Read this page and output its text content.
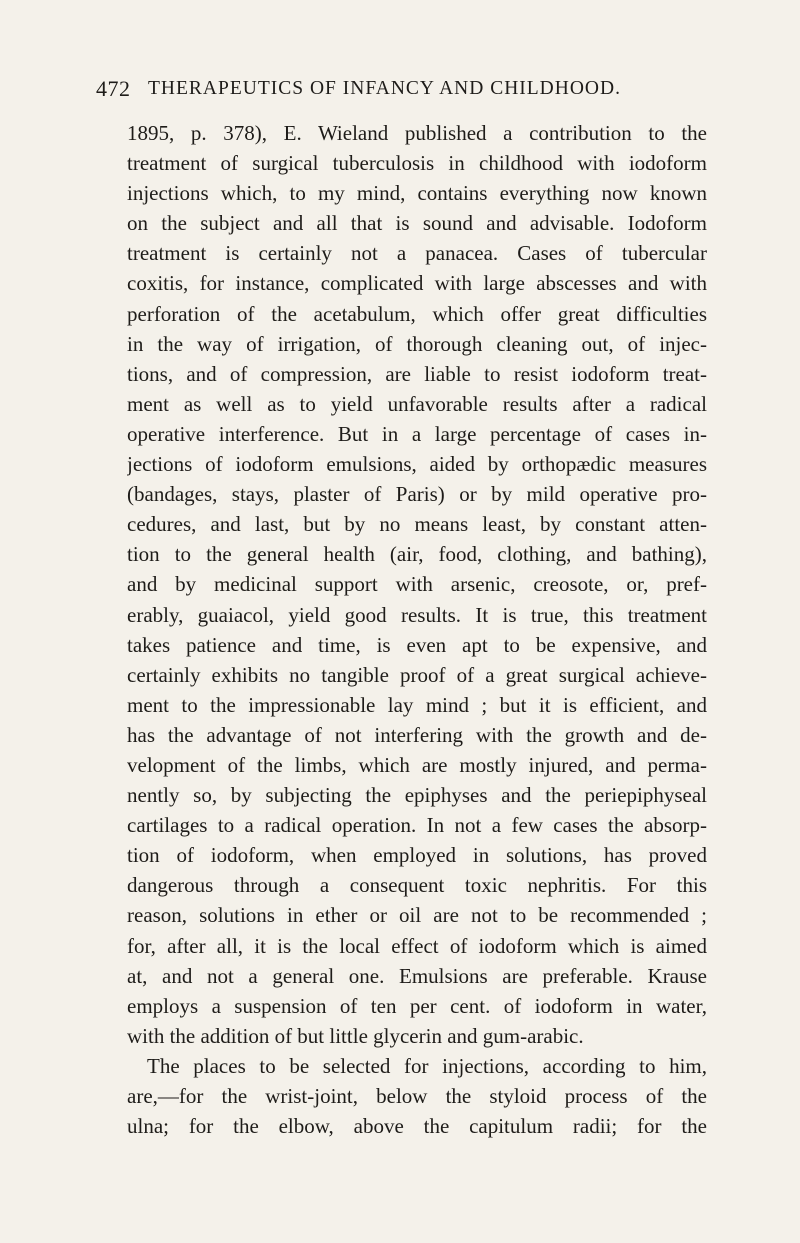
472 THERAPEUTICS OF INFANCY AND CHILDHOOD.
1895, p. 378), E. Wieland published a contribution to the
treatment of surgical tuberculosis in childhood with iodoform
injections which, to my mind, contains everything now known
on the subject and all that is sound and advisable. Iodoform
treatment is certainly not a panacea. Cases of tubercular
coxitis, for instance, complicated with large abscesses and with
perforation of the acetabulum, which offer great difficulties
in the way of irrigation, of thorough cleaning out, of injec-
tions, and of compression, are liable to resist iodoform treat-
ment as well as to yield unfavorable results after a radical
operative interference. But in a large percentage of cases in-
jections of iodoform emulsions, aided by orthopædic measures
(bandages, stays, plaster of Paris) or by mild operative pro-
cedures, and last, but by no means least, by constant atten-
tion to the general health (air, food, clothing, and bathing),
and by medicinal support with arsenic, creosote, or, pref-
erably, guaiacol, yield good results. It is true, this treatment
takes patience and time, is even apt to be expensive, and
certainly exhibits no tangible proof of a great surgical achieve-
ment to the impressionable lay mind ; but it is efficient, and
has the advantage of not interfering with the growth and de-
velopment of the limbs, which are mostly injured, and perma-
nently so, by subjecting the epiphyses and the periepiphyseal
cartilages to a radical operation. In not a few cases the absorp-
tion of iodoform, when employed in solutions, has proved
dangerous through a consequent toxic nephritis. For this
reason, solutions in ether or oil are not to be recommended ;
for, after all, it is the local effect of iodoform which is aimed
at, and not a general one. Emulsions are preferable. Krause
employs a suspension of ten per cent. of iodoform in water,
with the addition of but little glycerin and gum-arabic.
The places to be selected for injections, according to him,
are,—for the wrist-joint, below the styloid process of the
ulna; for the elbow, above the capitulum radii; for the
